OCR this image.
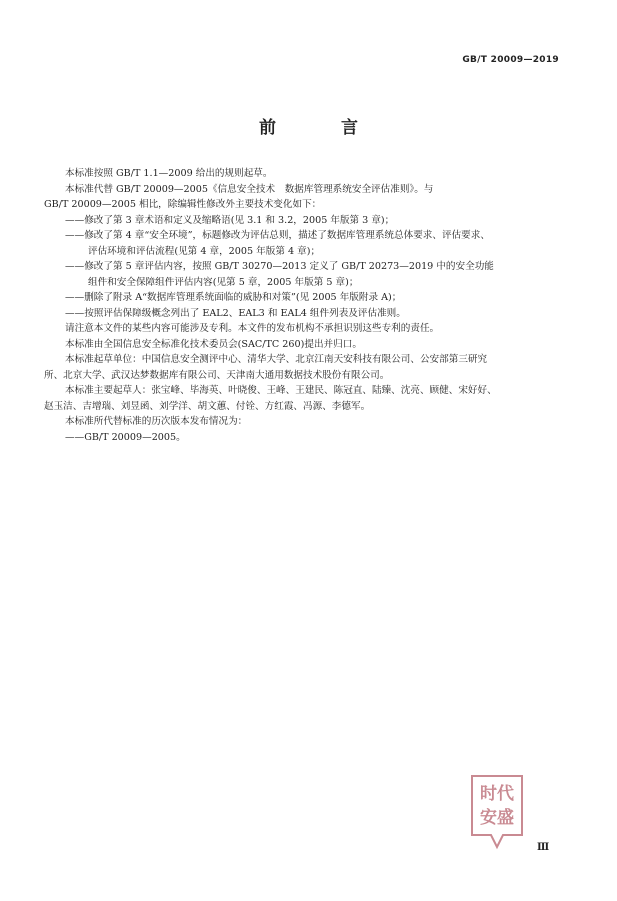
GB/T 20009—2019
前　言
本标准按照 GB/T 1.1—2009 给出的规则起草。
本标准代替 GB/T 20009—2005《信息安全技术　数据库管理系统安全评估准则》。与
GB/T 20009—2005 相比，除编辑性修改外主要技术变化如下：
——修改了第 3 章术语和定义及缩略语(见 3.1 和 3.2，2005 年版第 3 章)；
——修改了第 4 章“安全环境”，标题修改为评估总则，描述了数据库管理系统总体要求、评估要求、
评估环境和评估流程(见第 4 章，2005 年版第 4 章)；
——修改了第 5 章评估内容，按照 GB/T 30270—2013 定义了 GB/T 20273—2019 中的安全功能
组件和安全保障组件评估内容(见第 5 章，2005 年版第 5 章)；
——删除了附录 A“数据库管理系统面临的威胁和对策”(见 2005 年版附录 A)；
——按照评估保障级概念列出了 EAL2、EAL3 和 EAL4 组件列表及评估准则。
请注意本文件的某些内容可能涉及专利。本文件的发布机构不承担识别这些专利的责任。
本标准由全国信息安全标准化技术委员会(SAC/TC 260)提出并归口。
本标准起草单位：中国信息安全测评中心、清华大学、北京江南天安科技有限公司、公安部第三研究
所、北京大学、武汉达梦数据库有限公司、天津南大通用数据技术股份有限公司。
本标准主要起草人：张宝峰、毕海英、叶晓俊、王峰、王建民、陈冠直、陆臻、沈亮、顾健、宋好好、
赵玉洁、吉增瑞、刘昱函、刘学洋、胡文蕙、付铨、方红霞、冯源、李德军。
本标准所代替标准的历次版本发布情况为：
——GB/T 20009—2005。
时代
安盛
Ⅲ
